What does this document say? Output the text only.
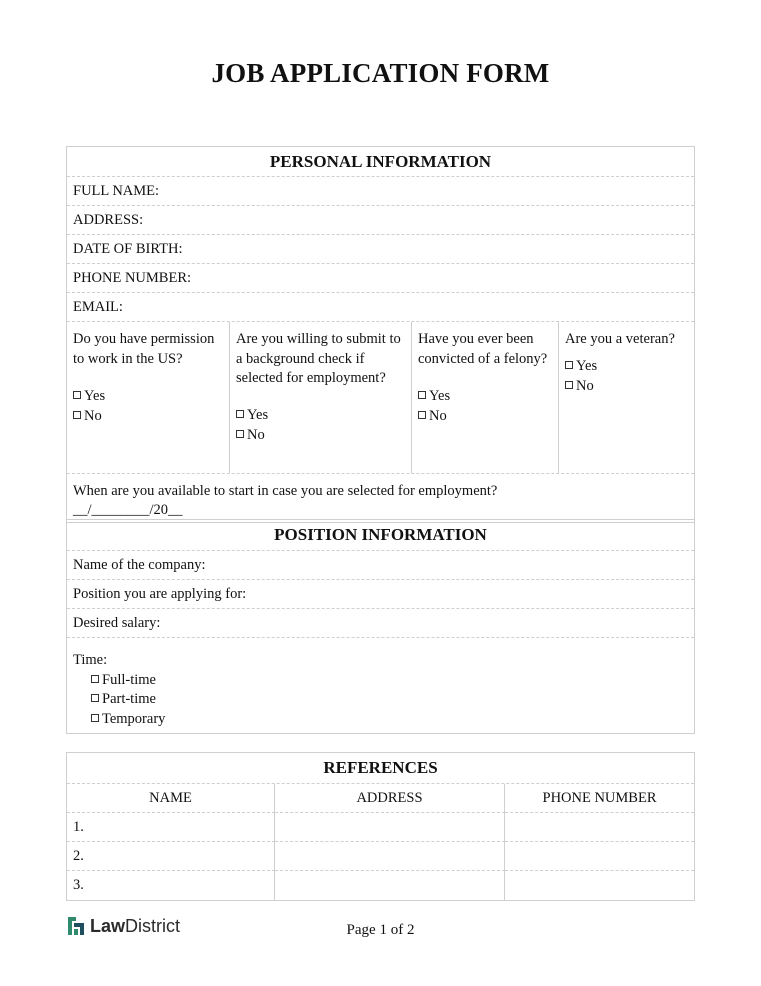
JOB APPLICATION FORM
PERSONAL INFORMATION
FULL NAME:
ADDRESS:
DATE OF BIRTH:
PHONE NUMBER:
EMAIL:
Do you have permission to work in the US?
Yes
No
Are you willing to submit to a background check if selected for employment?
Yes
No
Have you ever been convicted of a felony?
Yes
No
Are you a veteran?
Yes
No
When are you available to start in case you are selected for employment?
__/________/20__
POSITION INFORMATION
Name of the company:
Position you are applying for:
Desired salary:
Time:
Full-time
Part-time
Temporary
REFERENCES
NAME	ADDRESS	PHONE NUMBER
1.
2.
3.
Law District	Page 1 of 2
